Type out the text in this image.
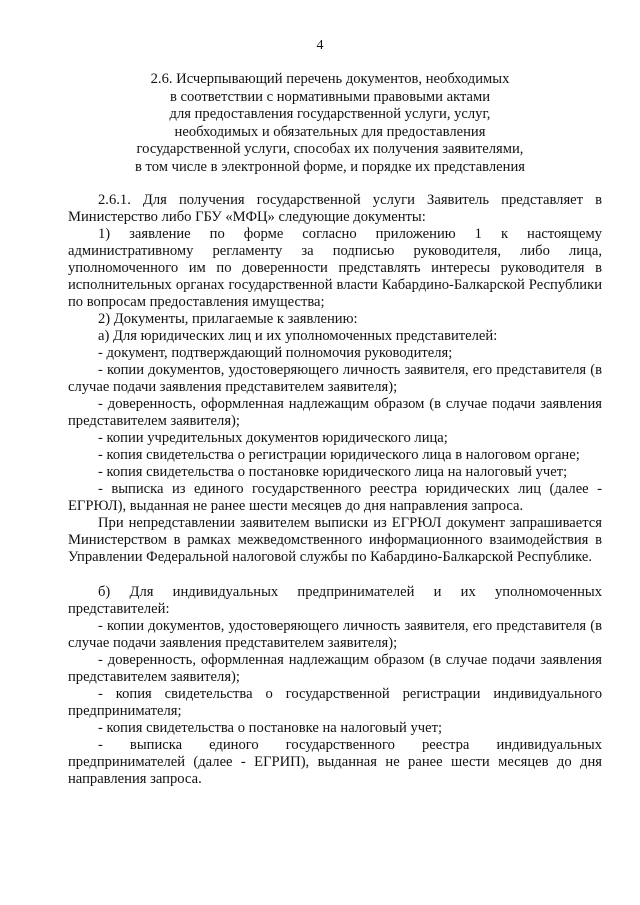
4
2.6. Исчерпывающий перечень документов, необходимых
в соответствии с нормативными правовыми актами
для предоставления государственной услуги, услуг,
необходимых и обязательных для предоставления
государственной услуги, способах их получения заявителями,
в том числе в электронной форме, и порядке их представления

2.6.1. Для получения государственной услуги Заявитель представляет в Министерство либо ГБУ «МФЦ» следующие документы:

1) заявление по форме согласно приложению 1 к настоящему административному регламенту за подписью руководителя, либо лица, уполномоченного им по доверенности представлять интересы руководителя в исполнительных органах государственной власти Кабардино-Балкарской Республики по вопросам предоставления имущества;

2) Документы, прилагаемые к заявлению:

а) Для юридических лиц и их уполномоченных представителей:

- документ, подтверждающий полномочия руководителя;

- копии документов, удостоверяющего личность заявителя, его представителя (в случае подачи заявления представителем заявителя);

- доверенность, оформленная надлежащим образом (в случае подачи заявления представителем заявителя);

- копии учредительных документов юридического лица;

- копия свидетельства о регистрации юридического лица в налоговом органе;

- копия свидетельства о постановке юридического лица на налоговый учет;

- выписка из единого государственного реестра юридических лиц (далее - ЕГРЮЛ), выданная не ранее шести месяцев до дня направления запроса.

При непредставлении заявителем выписки из ЕГРЮЛ документ запрашивается Министерством в рамках межведомственного информационного взаимодействия в Управлении Федеральной налоговой службы по Кабардино-Балкарской Республике.

б) Для индивидуальных предпринимателей и их уполномоченных представителей:

- копии документов, удостоверяющего личность заявителя, его представителя (в случае подачи заявления представителем заявителя);

- доверенность, оформленная надлежащим образом (в случае подачи заявления представителем заявителя);

- копия свидетельства о государственной регистрации индивидуального предпринимателя;

- копия свидетельства о постановке на налоговый учет;

- выписка единого государственного реестра индивидуальных предпринимателей (далее - ЕГРИП), выданная не ранее шести месяцев до дня направления запроса.
